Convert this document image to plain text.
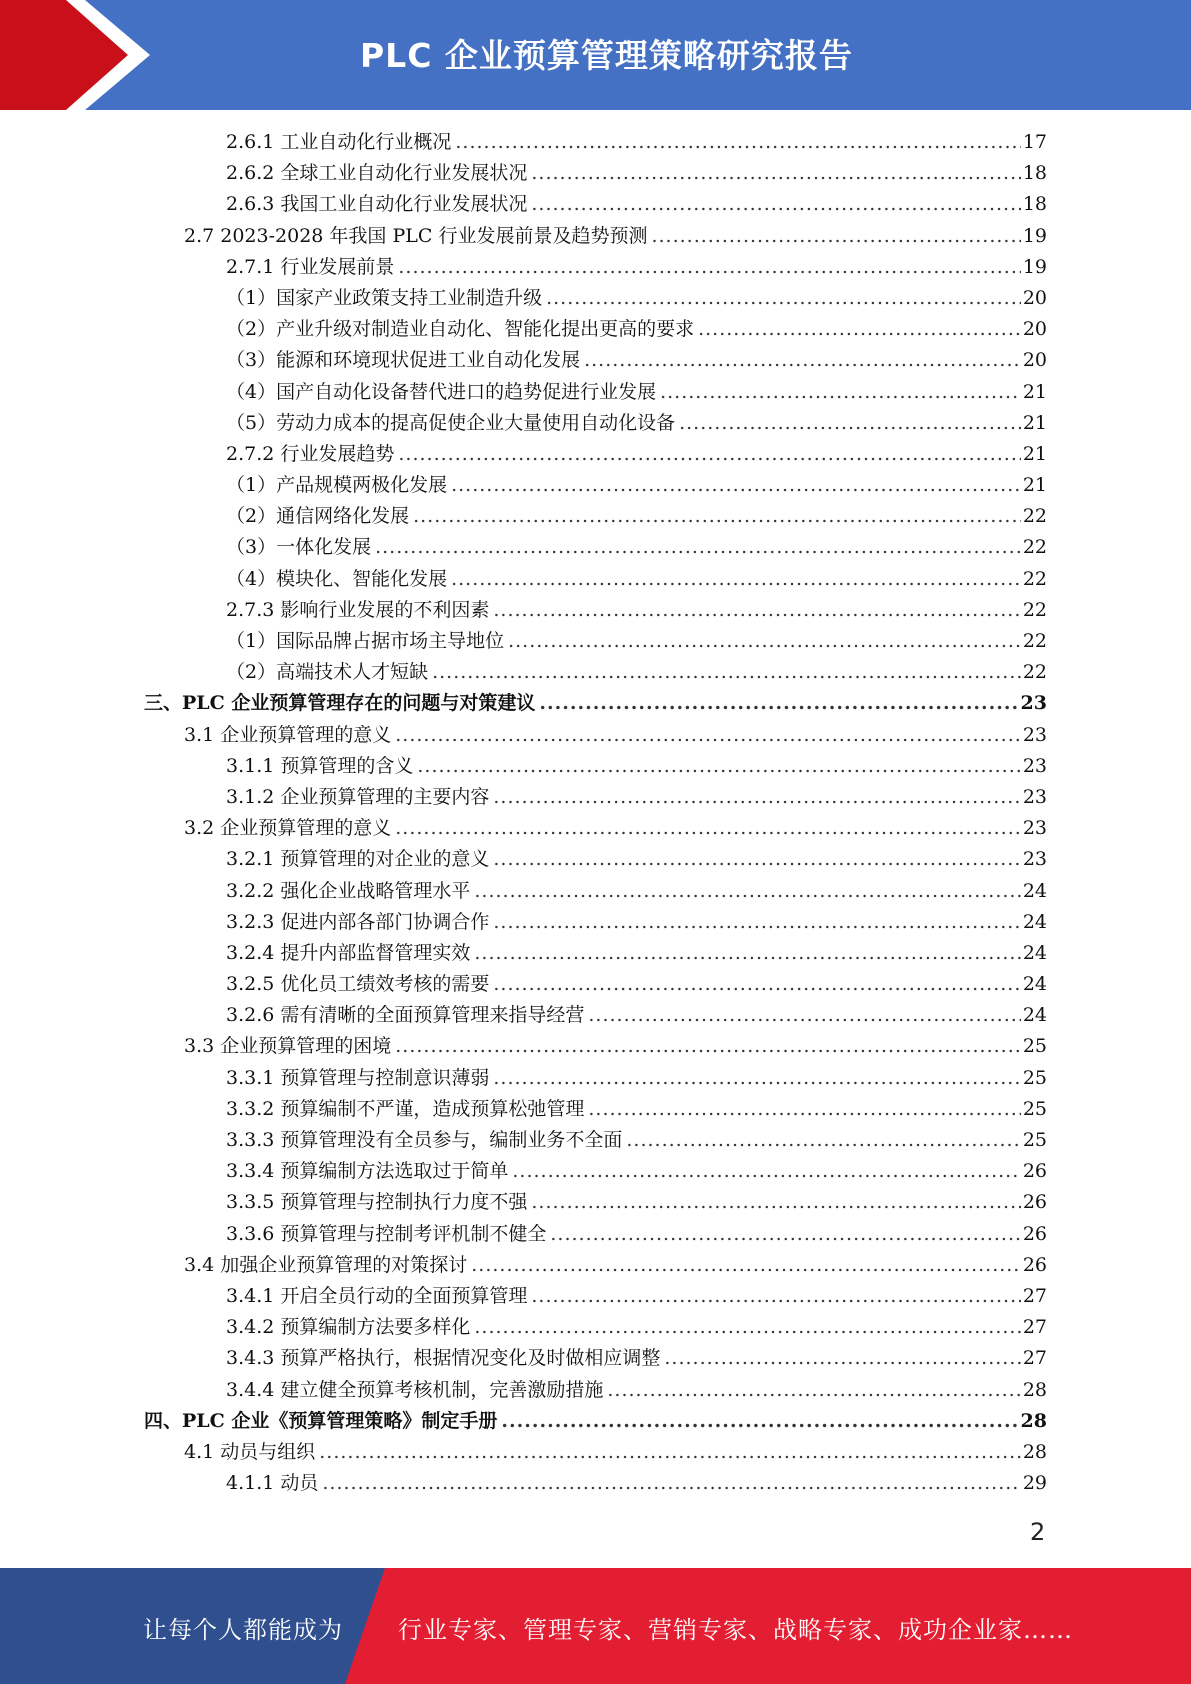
PLC 企业预算管理策略研究报告
2.6.1 工业自动化行业概况 .....	17
2.6.2 全球工业自动化行业发展状况 .....	18
2.6.3 我国工业自动化行业发展状况 .....	18
2.7 2023-2028 年我国 PLC 行业发展前景及趋势预测 .....	19
2.7.1 行业发展前景 .....	19
（1）国家产业政策支持工业制造升级 .....	20
（2）产业升级对制造业自动化、智能化提出更高的要求 .....	20
（3）能源和环境现状促进工业自动化发展 .....	20
（4）国产自动化设备替代进口的趋势促进行业发展 .....	21
（5）劳动力成本的提高促使企业大量使用自动化设备 .....	21
2.7.2 行业发展趋势 .....	21
（1）产品规模两极化发展 .....	21
（2）通信网络化发展 .....	22
（3）一体化发展 .....	22
（4）模块化、智能化发展 .....	22
2.7.3 影响行业发展的不利因素 .....	22
（1）国际品牌占据市场主导地位 .....	22
（2）高端技术人才短缺 .....	22
三、PLC 企业预算管理存在的问题与对策建议 .....	23
3.1 企业预算管理的意义 .....	23
3.1.1 预算管理的含义 .....	23
3.1.2 企业预算管理的主要内容 .....	23
3.2 企业预算管理的意义 .....	23
3.2.1 预算管理的对企业的意义 .....	23
3.2.2 强化企业战略管理水平 .....	24
3.2.3 促进内部各部门协调合作 .....	24
3.2.4 提升内部监督管理实效 .....	24
3.2.5 优化员工绩效考核的需要 .....	24
3.2.6 需有清晰的全面预算管理来指导经营 .....	24
3.3 企业预算管理的困境 .....	25
3.3.1 预算管理与控制意识薄弱 .....	25
3.3.2 预算编制不严谨，造成预算松弛管理 .....	25
3.3.3 预算管理没有全员参与，编制业务不全面 .....	25
3.3.4 预算编制方法选取过于简单 .....	26
3.3.5 预算管理与控制执行力度不强 .....	26
3.3.6 预算管理与控制考评机制不健全 .....	26
3.4 加强企业预算管理的对策探讨 .....	26
3.4.1 开启全员行动的全面预算管理 .....	27
3.4.2 预算编制方法要多样化 .....	27
3.4.3 预算严格执行，根据情况变化及时做相应调整 .....	27
3.4.4 建立健全预算考核机制，完善激励措施 .....	28
四、PLC 企业《预算管理策略》制定手册 .....	28
4.1 动员与组织 .....	28
4.1.1 动员 .....	29
2
让每个人都能成为 行业专家、管理专家、营销专家、战略专家、成功企业家……
